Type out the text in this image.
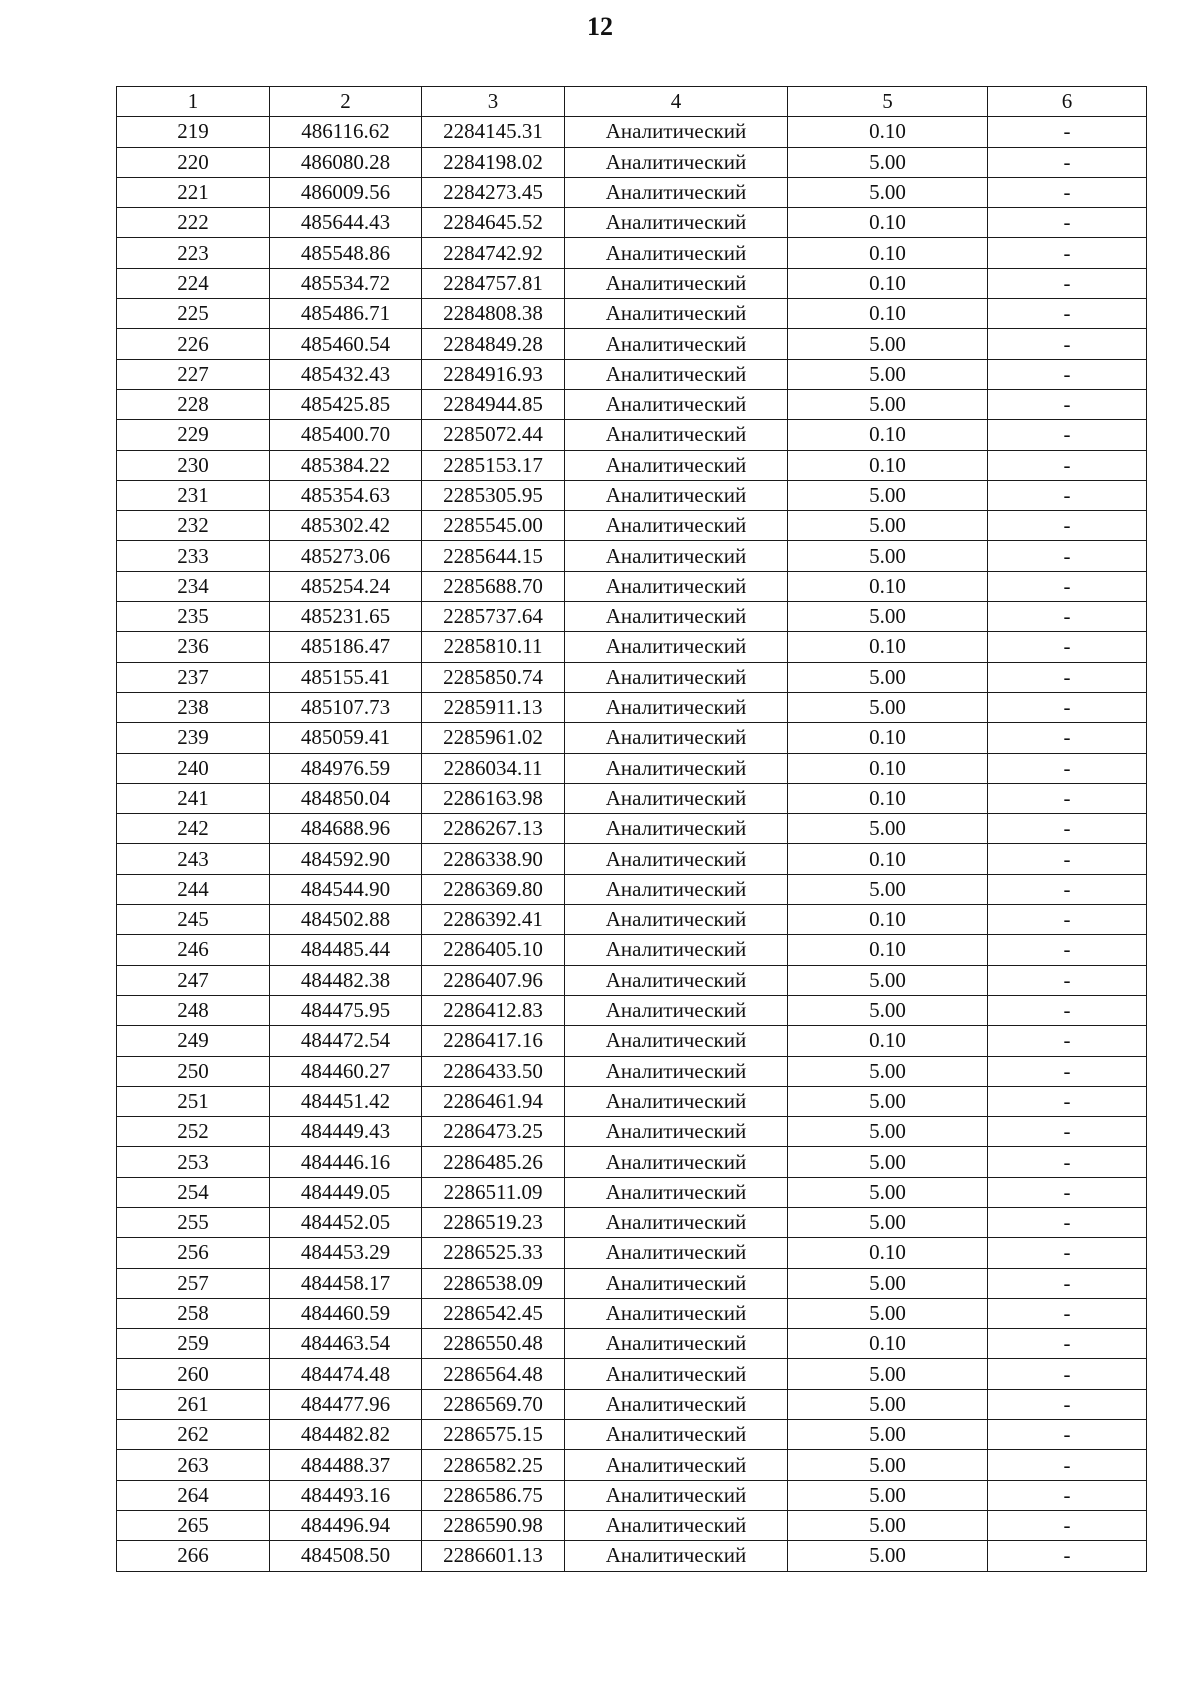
12
1	2	3	4	5	6
219	486116.62	2284145.31	Аналитический	0.10	-
220	486080.28	2284198.02	Аналитический	5.00	-
221	486009.56	2284273.45	Аналитический	5.00	-
222	485644.43	2284645.52	Аналитический	0.10	-
223	485548.86	2284742.92	Аналитический	0.10	-
224	485534.72	2284757.81	Аналитический	0.10	-
225	485486.71	2284808.38	Аналитический	0.10	-
226	485460.54	2284849.28	Аналитический	5.00	-
227	485432.43	2284916.93	Аналитический	5.00	-
228	485425.85	2284944.85	Аналитический	5.00	-
229	485400.70	2285072.44	Аналитический	0.10	-
230	485384.22	2285153.17	Аналитический	0.10	-
231	485354.63	2285305.95	Аналитический	5.00	-
232	485302.42	2285545.00	Аналитический	5.00	-
233	485273.06	2285644.15	Аналитический	5.00	-
234	485254.24	2285688.70	Аналитический	0.10	-
235	485231.65	2285737.64	Аналитический	5.00	-
236	485186.47	2285810.11	Аналитический	0.10	-
237	485155.41	2285850.74	Аналитический	5.00	-
238	485107.73	2285911.13	Аналитический	5.00	-
239	485059.41	2285961.02	Аналитический	0.10	-
240	484976.59	2286034.11	Аналитический	0.10	-
241	484850.04	2286163.98	Аналитический	0.10	-
242	484688.96	2286267.13	Аналитический	5.00	-
243	484592.90	2286338.90	Аналитический	0.10	-
244	484544.90	2286369.80	Аналитический	5.00	-
245	484502.88	2286392.41	Аналитический	0.10	-
246	484485.44	2286405.10	Аналитический	0.10	-
247	484482.38	2286407.96	Аналитический	5.00	-
248	484475.95	2286412.83	Аналитический	5.00	-
249	484472.54	2286417.16	Аналитический	0.10	-
250	484460.27	2286433.50	Аналитический	5.00	-
251	484451.42	2286461.94	Аналитический	5.00	-
252	484449.43	2286473.25	Аналитический	5.00	-
253	484446.16	2286485.26	Аналитический	5.00	-
254	484449.05	2286511.09	Аналитический	5.00	-
255	484452.05	2286519.23	Аналитический	5.00	-
256	484453.29	2286525.33	Аналитический	0.10	-
257	484458.17	2286538.09	Аналитический	5.00	-
258	484460.59	2286542.45	Аналитический	5.00	-
259	484463.54	2286550.48	Аналитический	0.10	-
260	484474.48	2286564.48	Аналитический	5.00	-
261	484477.96	2286569.70	Аналитический	5.00	-
262	484482.82	2286575.15	Аналитический	5.00	-
263	484488.37	2286582.25	Аналитический	5.00	-
264	484493.16	2286586.75	Аналитический	5.00	-
265	484496.94	2286590.98	Аналитический	5.00	-
266	484508.50	2286601.13	Аналитический	5.00	-
